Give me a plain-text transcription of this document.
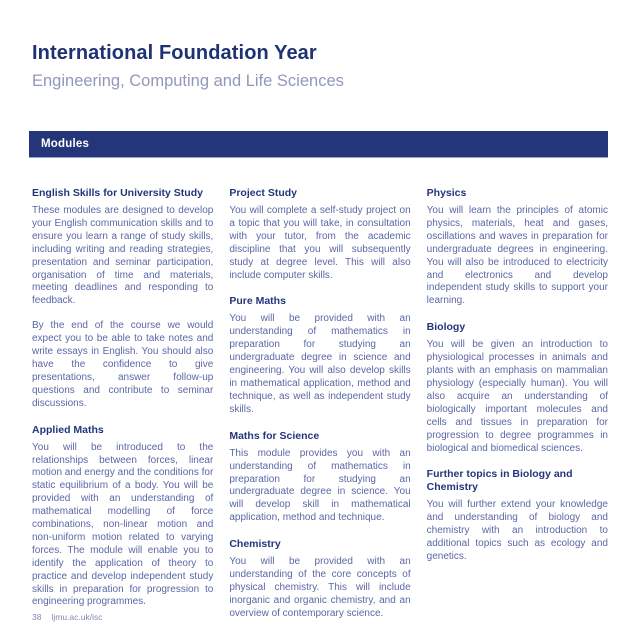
International Foundation Year
Engineering, Computing and Life Sciences
Modules
English Skills for University Study

These modules are designed to develop your English communication skills and to ensure you learn a range of study skills, including writing and reading strategies, presentation and seminar participation, organisation of time and materials, meeting deadlines and responding to feedback.

By the end of the course we would expect you to be able to take notes and write essays in English. You should also have the confidence to give presentations, answer follow-up questions and contribute to seminar discussions.

Applied Maths

You will be introduced to the relationships between forces, linear motion and energy and the conditions for static equilibrium of a body. You will be provided with an understanding of mathematical modelling of force combinations, non-linear motion and non-uniform motion related to varying forces. The module will enable you to identify the application of theory to practice and develop independent study skills in preparation for progression to engineering programmes.

Project Study

You will complete a self-study project on a topic that you will take, in consultation with your tutor, from the academic discipline that you will subsequently study at degree level. This will also include computer skills.

Pure Maths

You will be provided with an understanding of mathematics in preparation for studying an undergraduate degree in science and engineering. You will also develop skills in mathematical application, method and technique, as well as independent study skills.

Maths for Science

This module provides you with an understanding of mathematics in preparation for studying an undergraduate degree in science. You will develop skill in mathematical application, method and technique.

Chemistry

You will be provided with an understanding of the core concepts of physical chemistry. This will include inorganic and organic chemistry, and an overview of contemporary science.

Physics

You will learn the principles of atomic physics, materials, heat and gases, oscillations and waves in preparation for undergraduate degrees in engineering. You will also be introduced to electricity and electronics and develop independent study skills to support your learning.

Biology

You will be given an introduction to physiological processes in animals and plants with an emphasis on mammalian physiology (especially human). You will also acquire an understanding of biologically important molecules and cells and tissues in preparation for progression to degree programmes in biological and biomedical sciences.

Further topics in Biology and Chemistry

You will further extend your knowledge and understanding of biology and chemistry with an introduction to additional topics such as ecology and genetics.

38 ljmu.ac.uk/isc
